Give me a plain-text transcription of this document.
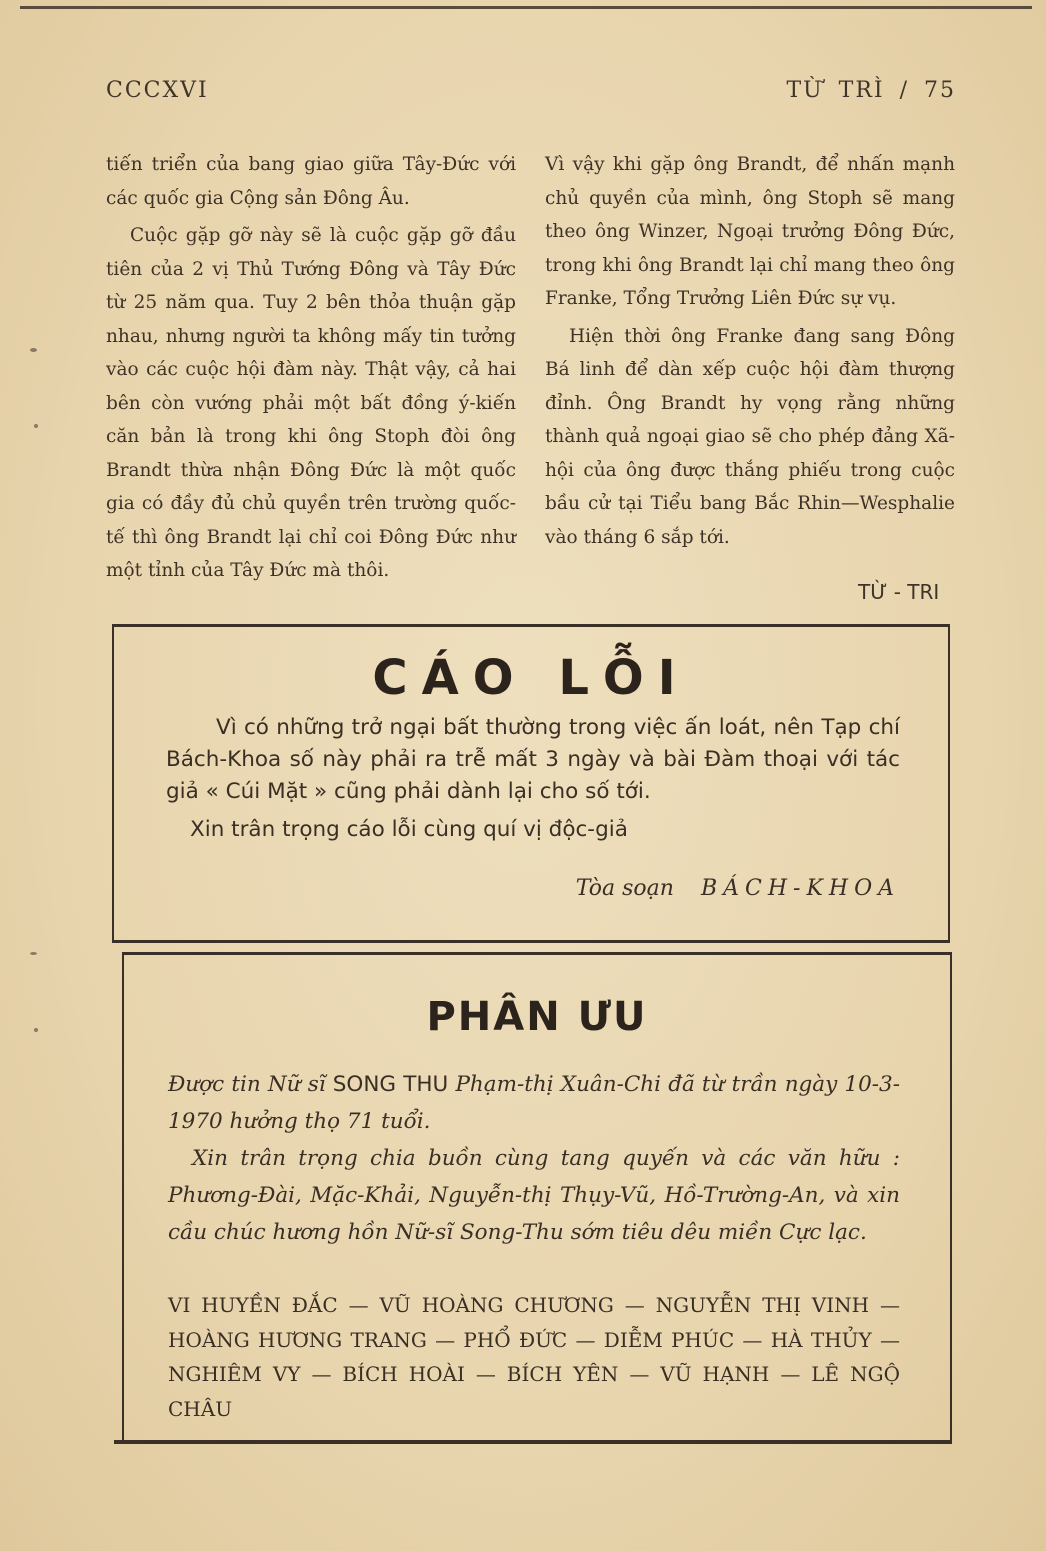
CCCXVI	TỪ TRÌ / 75

tiến triển của bang giao giữa Tây-Đức với các quốc gia Cộng sản Đông Âu.

Cuộc gặp gỡ này sẽ là cuộc gặp gỡ đầu tiên của 2 vị Thủ Tướng Đông và Tây Đức từ 25 năm qua. Tuy 2 bên thỏa thuận gặp nhau, nhưng người ta không mấy tin tưởng vào các cuộc hội đàm này. Thật vậy, cả hai bên còn vướng phải một bất đồng ý-kiến căn bản là trong khi ông Stoph đòi ông Brandt thừa nhận Đông Đức là một quốc gia có đầy đủ chủ quyền trên trường quốc-tế thì ông Brandt lại chỉ coi Đông Đức như một tỉnh của Tây Đức mà thôi.

Vì vậy khi gặp ông Brandt, để nhấn mạnh chủ quyền của mình, ông Stoph sẽ mang theo ông Winzer, Ngoại trưởng Đông Đức, trong khi ông Brandt lại chỉ mang theo ông Franke, Tổng Trưởng Liên Đức sự vụ.

Hiện thời ông Franke đang sang Đông Bá linh để dàn xếp cuộc hội đàm thượng đỉnh. Ông Brandt hy vọng rằng những thành quả ngoại giao sẽ cho phép đảng Xã-hội của ông được thắng phiếu trong cuộc bầu cử tại Tiểu bang Bắc Rhin—Wesphalie vào tháng 6 sắp tới.

TỪ - TRI
CÁO LỖI

Vì có những trở ngại bất thường trong việc ấn loát, nên Tạp chí Bách-Khoa số này phải ra trễ mất 3 ngày và bài Đàm thoại với tác giả « Cúi Mặt » cũng phải dành lại cho số tới.

Xin trân trọng cáo lỗi cùng quí vị độc-giả

Tòa soạn BÁCH-KHOA
PHÂN ƯU

Được tin Nữ sĩ SONG THU Phạm-thị Xuân-Chi đã từ trần ngày 10-3-1970 hưởng thọ 71 tuổi.

Xin trân trọng chia buồn cùng tang quyến và các văn hữu : Phương-Đài, Mặc-Khải, Nguyễn-thị Thụy-Vũ, Hồ-Trường-An, và xin cầu chúc hương hồn Nữ-sĩ Song-Thu sớm tiêu dêu miền Cực lạc.

VI HUYỀN ĐẮC — VŨ HOÀNG CHƯƠNG — NGUYỄN THỊ VINH — HOÀNG HƯƠNG TRANG — PHỔ ĐỨC — DIỄM PHÚC — HÀ THỦY — NGHIÊM VY — BÍCH HOÀI — BÍCH YÊN — VŨ HẠNH — LÊ NGỘ CHÂU
